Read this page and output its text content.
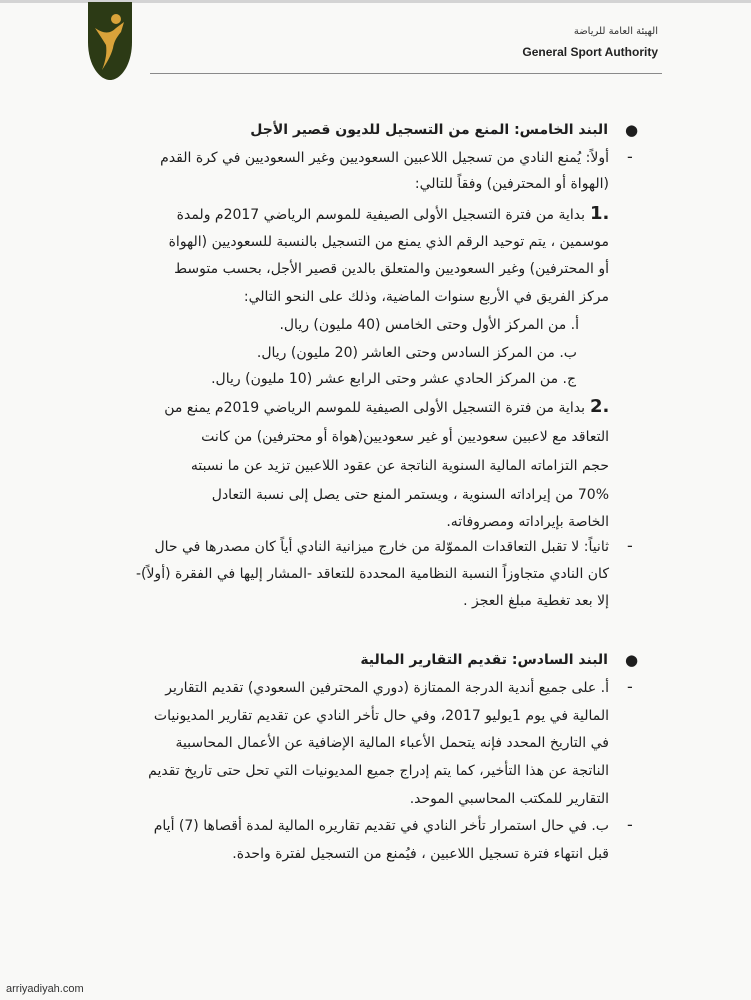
الهيئة العامة للرياضة
General Sport Authority
●
البند الخامس: المنع من التسجيل للديون قصير الأجل
-
أولاً: يُمنع النادي من تسجيل اللاعبين السعوديين وغير السعوديين في كرة القدم
(الهواة أو المحترفين) وفقاً للتالي:
1.
بداية من فترة التسجيل الأولى الصيفية للموسم الرياضي 2017م ولمدة
موسمين ، يتم توحيد الرقم الذي يمنع من التسجيل بالنسبة للسعوديين (الهواة
أو المحترفين) وغير السعوديين والمتعلق بالدين قصير الأجل، بحسب متوسط
مركز الفريق في الأربع سنوات الماضية، وذلك على النحو التالي:
أ. من المركز الأول وحتى الخامس (40 مليون) ريال.
ب. من المركز السادس وحتى العاشر (20 مليون) ريال.
ج. من المركز الحادي عشر وحتى الرابع عشر (10 مليون) ريال.
2.
بداية من فترة التسجيل الأولى الصيفية للموسم الرياضي 2019م يمنع من
التعاقد مع لاعبين سعوديين أو غير سعوديين(هواة أو محترفين) من كانت
حجم التزاماته المالية السنوية الناتجة عن عقود اللاعبين تزيد عن ما نسبته
70% من إيراداته السنوية ، ويستمر المنع حتى يصل إلى نسبة التعادل
الخاصة بإيراداته ومصروفاته.
-
ثانياً: لا تقبل التعاقدات المموّلة من خارج ميزانية النادي أياً كان مصدرها في حال
كان النادي متجاوزاً النسبة النظامية المحددة للتعاقد -المشار إليها في الفقرة (أولاً)-
إلا بعد تغطية مبلغ العجز .
●
البند السادس: تقديم التقارير المالية
-
أ. على جميع أندية الدرجة الممتازة (دوري المحترفين السعودي) تقديم التقارير
المالية في يوم 1يوليو 2017، وفي حال تأخر النادي عن تقديم تقارير المديونيات
في التاريخ المحدد فإنه يتحمل الأعباء المالية الإضافية عن الأعمال المحاسبية
الناتجة عن هذا التأخير، كما يتم إدراج جميع المديونيات التي تحل حتى تاريخ تقديم
التقارير للمكتب المحاسبي الموحد.
-
ب. في حال استمرار تأخر النادي في تقديم تقاريره المالية لمدة أقصاها (7) أيام
قبل انتهاء فترة تسجيل اللاعبين ، فيُمنع من التسجيل لفترة واحدة.
arriyadiyah.com
